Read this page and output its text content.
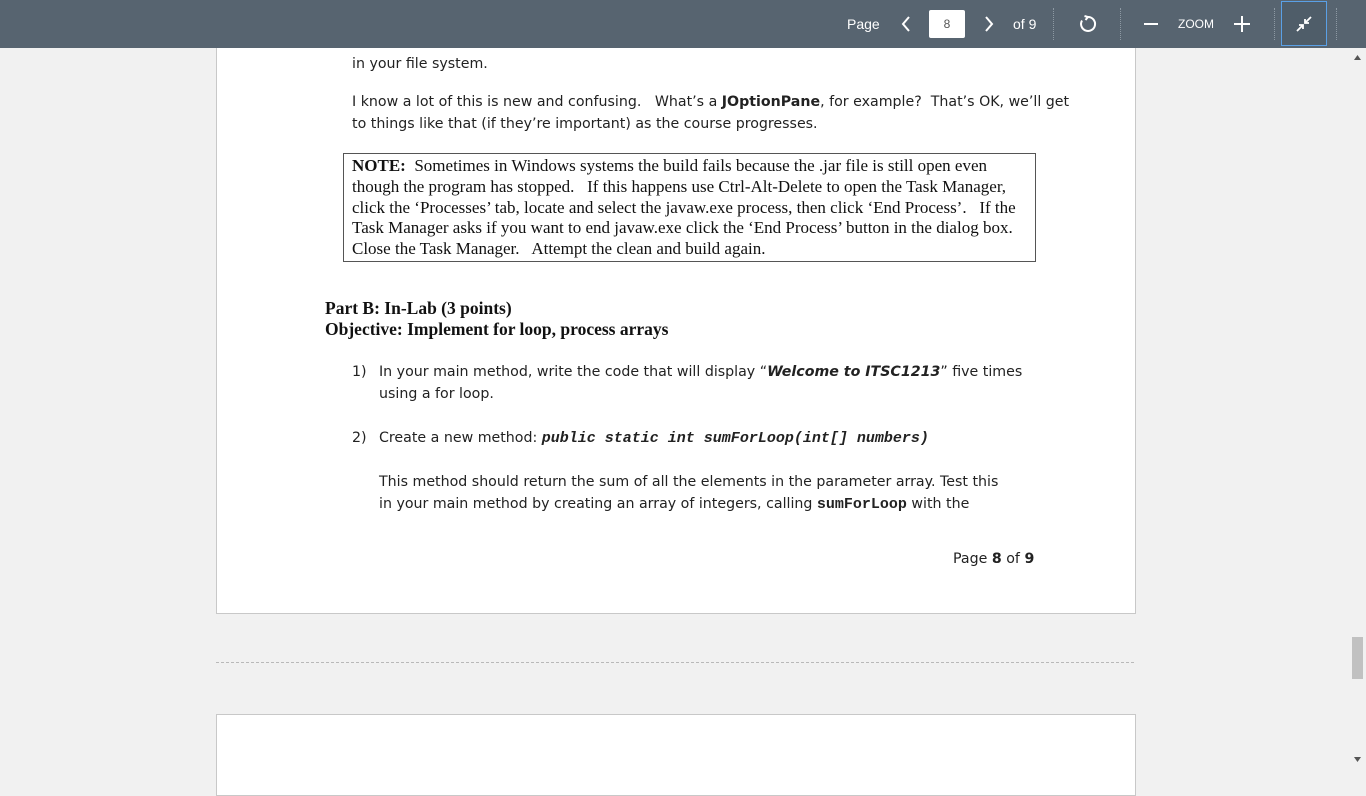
Page
8	of 9	ZOOM
in your file system.
I know a lot of this is new and confusing.   What’s a JOptionPane, for example?  That’s OK, we’ll get
to things like that (if they’re important) as the course progresses.
NOTE:  Sometimes in Windows systems the build fails because the .jar file is still open even though the program has stopped.   If this happens use Ctrl-Alt-Delete to open the Task Manager, click the ‘Processes’ tab, locate and select the javaw.exe process, then click ‘End Process’.   If the Task Manager asks if you want to end javaw.exe click the ‘End Process’ button in the dialog box.   Close the Task Manager.   Attempt the clean and build again.
Part B: In-Lab (3 points)
Objective: Implement for loop, process arrays
1) In your main method, write the code that will display “Welcome to ITSC1213” five times
using a for loop.
2) Create a new method: public static int sumForLoop(int[] numbers)
This method should return the sum of all the elements in the parameter array. Test this
in your main method by creating an array of integers, calling sumForLoop with the
Page 8 of 9
